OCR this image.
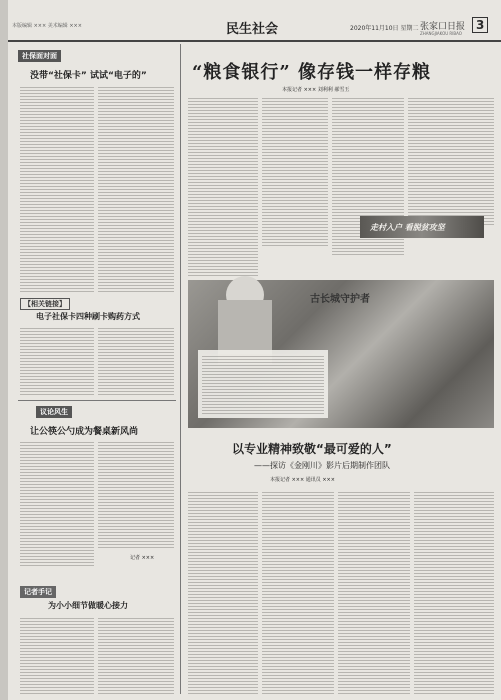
本版编辑 ××× 美术编辑 ×××	民生社会	2020年11月10日 星期二 张家口日报
ZHANGJIAKOU RIBAO
3
社保面对面
没带“社保卡” 试试“电子的”
【相关链接】
电子社保卡四种刷卡购药方式
议论风生
让公筷公勺成为餐桌新风尚
记者 ×××
记者手记
为小小细节做暖心接力
“粮食银行” 像存钱一样存粮
本报记者 ××× 刘利利 郝雪玉
走村入户 看脱贫攻坚
古长城守护者
以专业精神致敬“最可爱的人”
——探访《金刚川》影片后期制作团队
本报记者 ××× 通讯员 ×××
